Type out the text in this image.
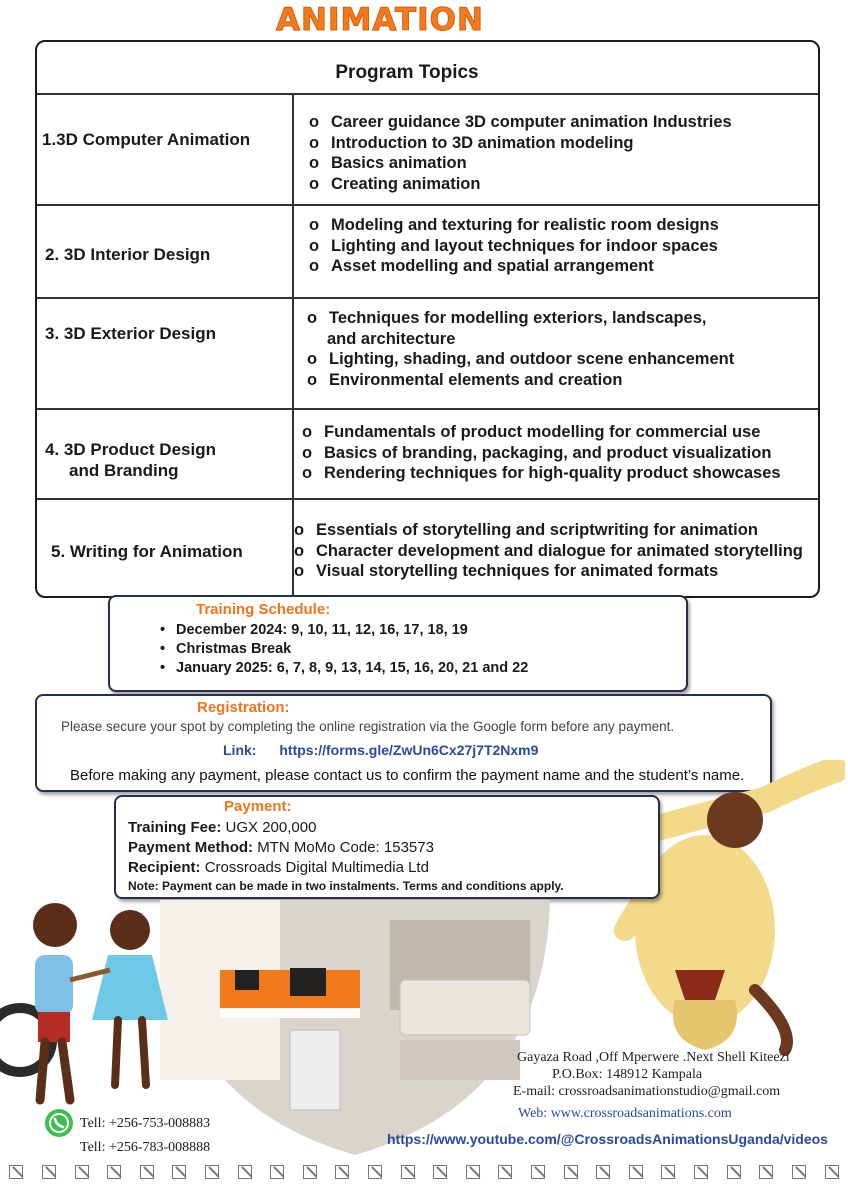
ANIMATION
Program Topics
1.3D Computer Animation
o Career guidance 3D computer animation Industries
o Introduction to 3D animation modeling
o Basics animation
o Creating animation
2. 3D Interior Design
o Modeling and texturing for realistic room designs
o Lighting and layout techniques for indoor spaces
o Asset modelling and spatial arrangement
3. 3D Exterior Design
o Techniques for modelling exteriors, landscapes,
and architecture
o Lighting, shading, and outdoor scene enhancement
o Environmental elements and creation
4. 3D Product Design
and Branding
o Fundamentals of product modelling for commercial use
o Basics of branding, packaging, and product visualization
o Rendering techniques for high-quality product showcases
5. Writing for Animation
o Essentials of storytelling and scriptwriting for animation
o Character development and dialogue for animated storytelling
o Visual storytelling techniques for animated formats
Training Schedule:
• December 2024: 9, 10, 11, 12, 16, 17, 18, 19
• Christmas Break
• January 2025: 6, 7, 8, 9, 13, 14, 15, 16, 20, 21 and 22
Registration:
Please secure your spot by completing the online registration via the Google form before any payment.
Link: https://forms.gle/ZwUn6Cx27j7T2Nxm9
Before making any payment, please contact us to confirm the payment name and the student’s name.
Payment:
Training Fee: UGX 200,000
Payment Method: MTN MoMo Code: 153573
Recipient: Crossroads Digital Multimedia Ltd
Note: Payment can be made in two instalments. Terms and conditions apply.
Gayaza Road ,Off Mperwere .Next Shell Kiteezi
P.O.Box: 148912 Kampala
E-mail: crossroadsanimationstudio@gmail.com
Web: www.crossroadsanimations.com
https://www.youtube.com/@CrossroadsAnimationsUganda/videos
Tell: +256-753-008883
Tell: +256-783-008888
